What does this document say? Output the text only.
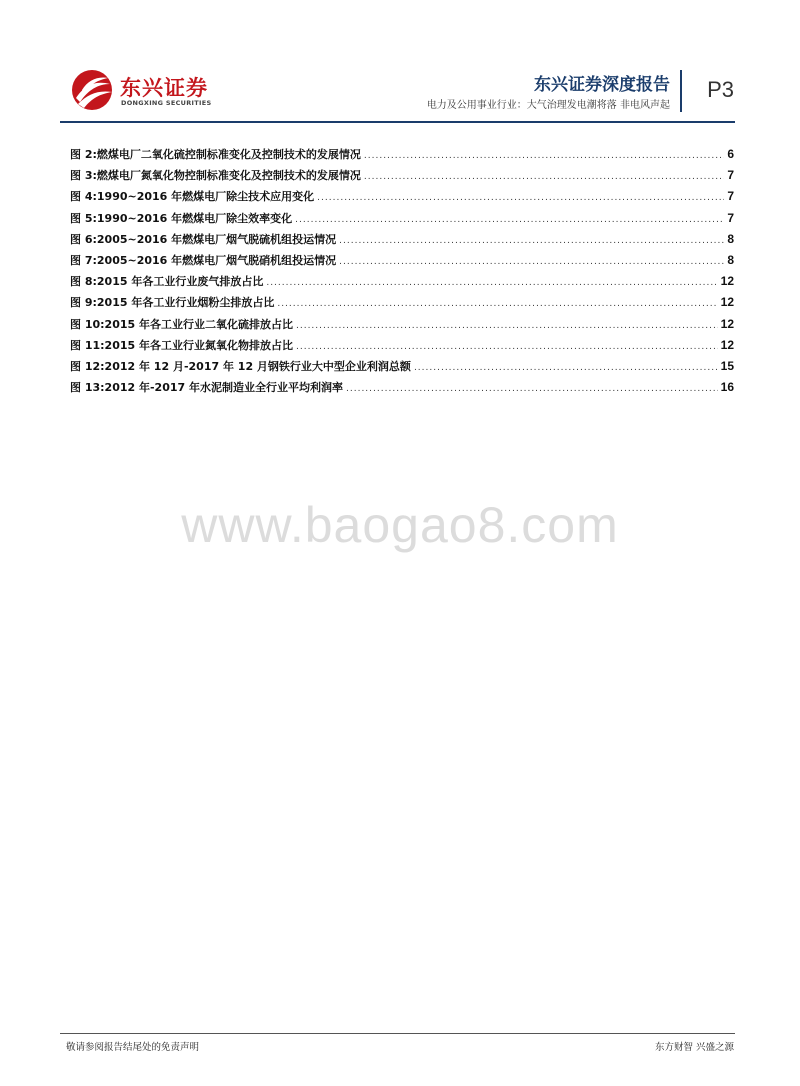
东兴证券
DONGXING SECURITIES
东兴证券深度报告
电力及公用事业行业：大气治理发电潮将落 非电风声起
P3
图 2:燃煤电厂二氧化硫控制标准变化及控制技术的发展情况 .....	6
图 3:燃煤电厂氮氧化物控制标准变化及控制技术的发展情况 .....	7
图 4:1990~2016 年燃煤电厂除尘技术应用变化 .....	7
图 5:1990~2016 年燃煤电厂除尘效率变化 .....	7
图 6:2005~2016 年燃煤电厂烟气脱硫机组投运情况 .....	8
图 7:2005~2016 年燃煤电厂烟气脱硝机组投运情况 .....	8
图 8:2015 年各工业行业废气排放占比 .....	12
图 9:2015 年各工业行业烟粉尘排放占比 .....	12
图 10:2015 年各工业行业二氧化硫排放占比 .....	12
图 11:2015 年各工业行业氮氧化物排放占比 .....	12
图 12:2012 年 12 月-2017 年 12 月钢铁行业大中型企业利润总额 .....	15
图 13:2012 年-2017 年水泥制造业全行业平均利润率 .....	16
www.baogao8.com
敬请参阅报告结尾处的免责声明	东方财智 兴盛之源
